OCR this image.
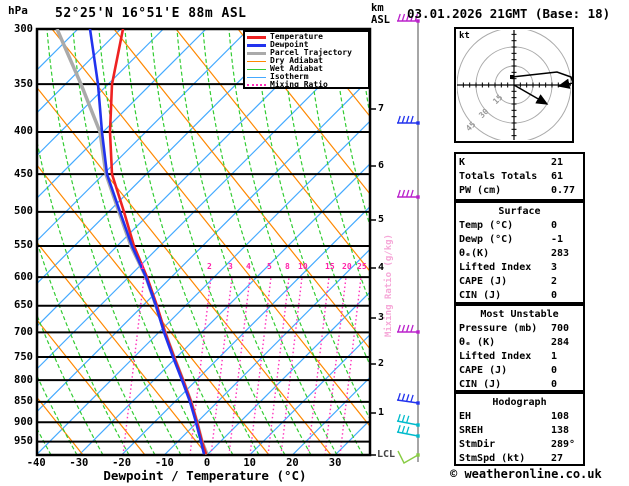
hPa 52°25'N 16°51'E 88m ASL	km
ASL 03.01.2026 21GMT (Base: 18)
Temperature
Dewpoint
Parcel Trajectory
Dry Adiabat
Wet Adiabat
Isotherm
Mixing Ratio
300
350
400
450
500
550
600
650
700
750
800
850
900
950
-40	-30	-20	-10	0	10	20	30
7
6
5
4
3
2
1
1	2 3 4 5 8 10 15 20 25 Mixing Ratio (g/kg)
LCL
Dewpoint / Temperature (°C)
kt
15
30
45
K	21
Totals Totals 61
PW (cm)	0.77
Surface
Temp (°C)	0
Dewp (°C)	-1
θₑ(K)	283
Lifted Index 3
CAPE (J)	2
CIN (J)	0
Most Unstable
Pressure (mb) 700
θₑ (K)	284
Lifted Index 1
CAPE (J)	0
CIN (J)	0
Hodograph
EH	108
SREH	138
StmDir	289°
StmSpd (kt)	27
© weatheronline.co.uk
